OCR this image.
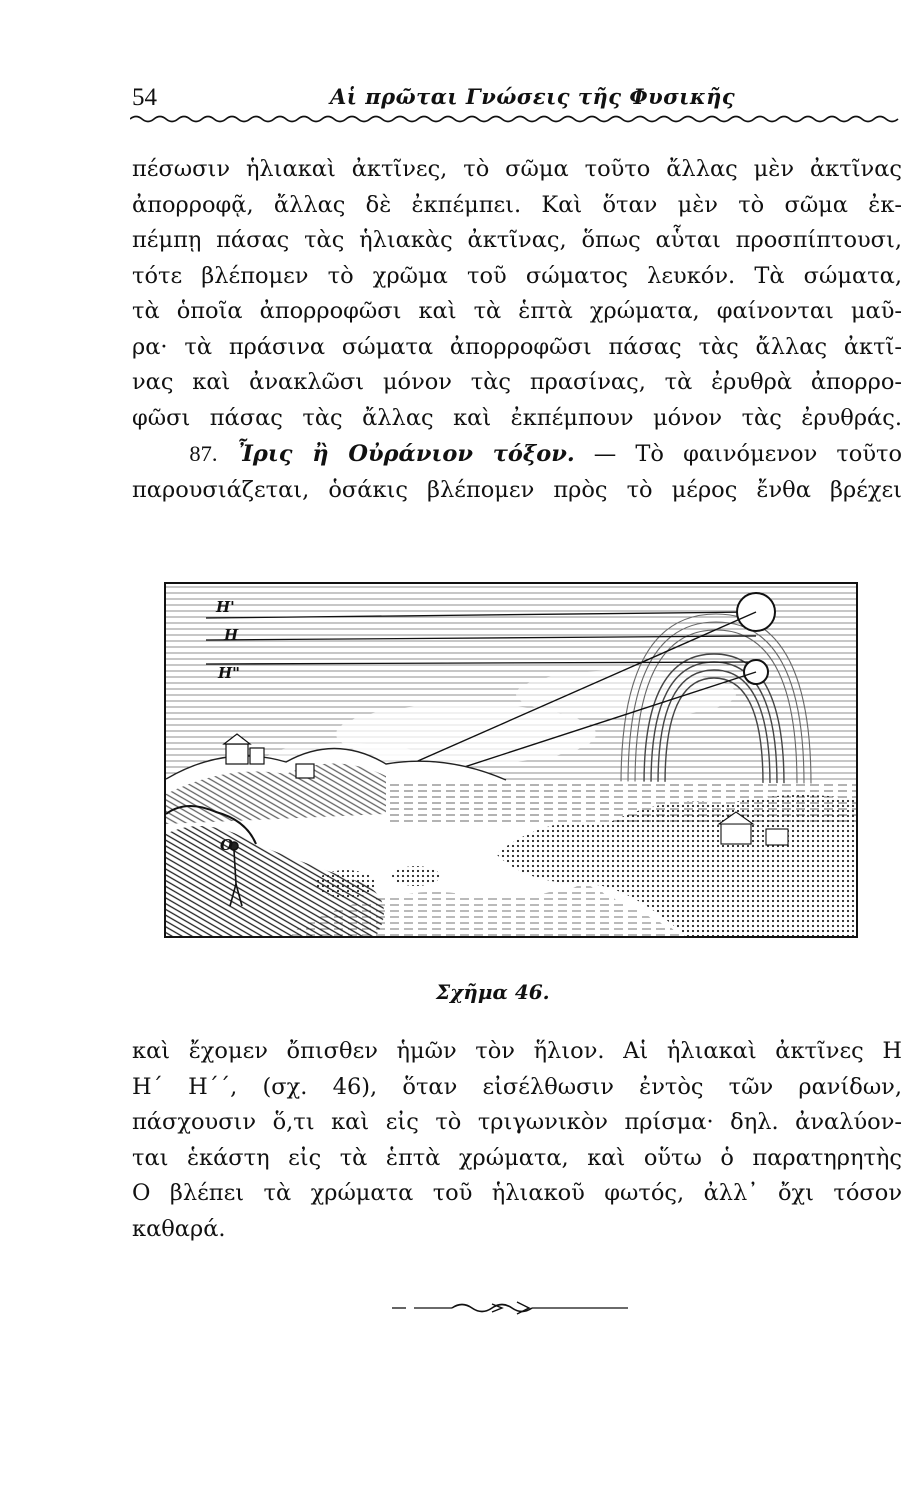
54	Αἱ πρῶται Γνώσεις τῆς Φυσικῆς
πέσωσιν ἡλιακαὶ ἀκτῖνες, τὸ σῶμα τοῦτο ἄλλας μὲν ἀκτῖνας
ἀπορροφᾷ, ἄλλας δὲ ἐκπέμπει. Καὶ ὅταν μὲν τὸ σῶμα ἐκ-
πέμπῃ πάσας τὰς ἡλιακὰς ἀκτῖνας, ὅπως αὗται προσπίπτουσι,
τότε βλέπομεν τὸ χρῶμα τοῦ σώματος λευκόν. Τὰ σώματα,
τὰ ὁποῖα ἀπορροφῶσι καὶ τὰ ἑπτὰ χρώματα, φαίνονται μαῦ-
ρα· τὰ πράσινα σώματα ἀπορροφῶσι πάσας τὰς ἄλλας ἀκτῖ-
νας καὶ ἀνακλῶσι μόνον τὰς πρασίνας, τὰ ἐρυθρὰ ἀπορρο-
φῶσι πάσας τὰς ἄλλας καὶ ἐκπέμπουν μόνον τὰς ἐρυθράς.
87. Ἶρις ἢ Οὐράνιον τόξον. — Τὸ φαινόμενον τοῦτο
παρουσιάζεται, ὁσάκις βλέπομεν πρὸς τὸ μέρος ἔνθα βρέχει
H'
H
H"
O
Σχῆμα 46.
καὶ ἔχομεν ὄπισθεν ἡμῶν τὸν ἥλιον. Αἱ ἡλιακαὶ ἀκτῖνες Η
Η΄ Η΄΄, (σχ. 46), ὅταν εἰσέλθωσιν ἐντὸς τῶν ρανίδων,
πάσχουσιν ὅ,τι καὶ εἰς τὸ τριγωνικὸν πρίσμα· δηλ. ἀναλύον-
ται ἑκάστη εἰς τὰ ἑπτὰ χρώματα, καὶ οὕτω ὁ παρατηρητὴς
Ο βλέπει τὰ χρώματα τοῦ ἡλιακοῦ φωτός, ἀλλ᾽ ὄχι τόσον
καθαρά.
